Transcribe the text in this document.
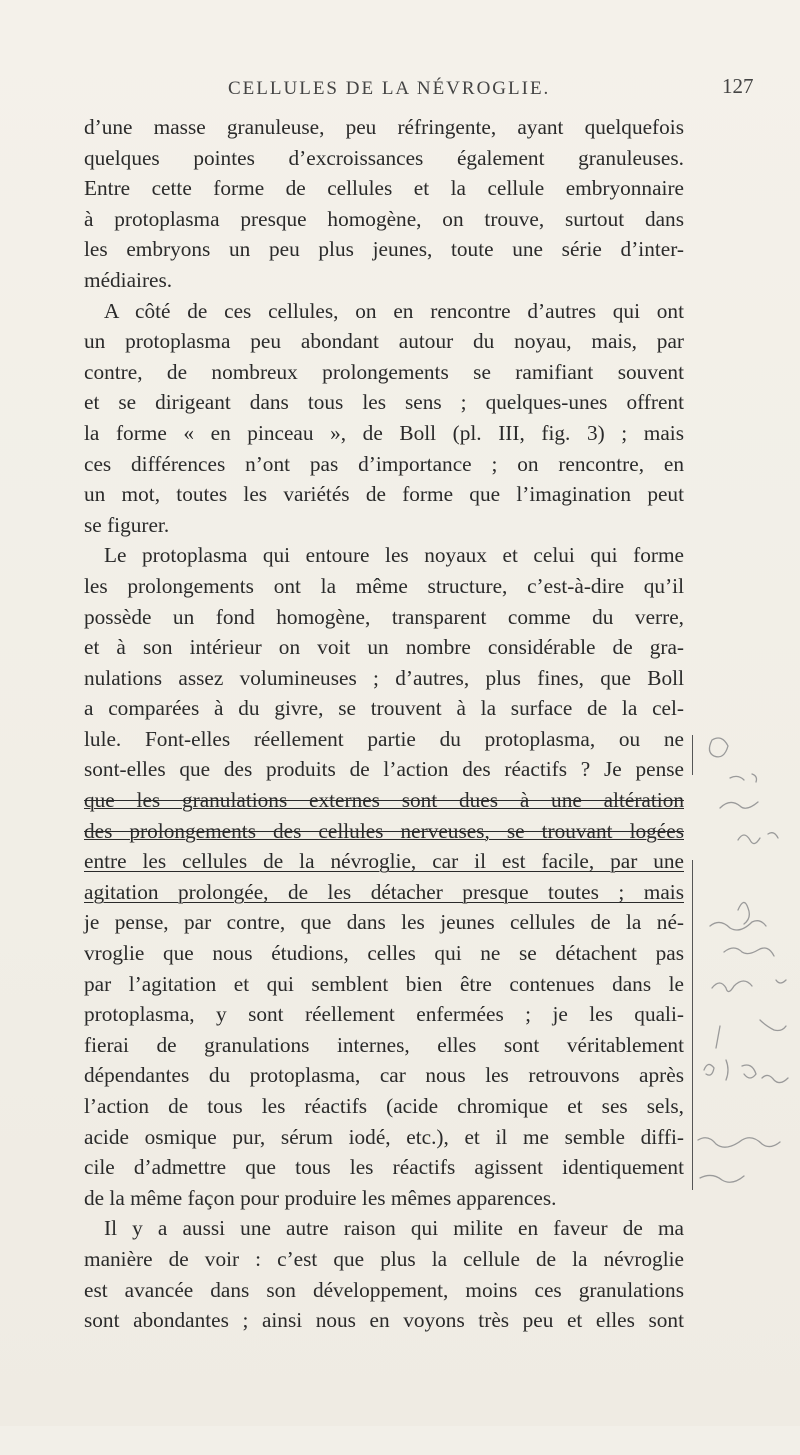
CELLULES DE LA NÉVROGLIE.	127
d’une masse granuleuse, peu réfringente, ayant quelquefois
quelques pointes d’excroissances également granuleuses.
Entre cette forme de cellules et la cellule embryonnaire
à protoplasma presque homogène, on trouve, surtout dans
les embryons un peu plus jeunes, toute une série d’inter-
médiaires.
A côté de ces cellules, on en rencontre d’autres qui ont
un protoplasma peu abondant autour du noyau, mais, par
contre, de nombreux prolongements se ramifiant souvent
et se dirigeant dans tous les sens ; quelques-unes offrent
la forme « en pinceau », de Boll (pl. III, fig. 3) ; mais
ces différences n’ont pas d’importance ; on rencontre, en
un mot, toutes les variétés de forme que l’imagination peut
se figurer.
Le protoplasma qui entoure les noyaux et celui qui forme
les prolongements ont la même structure, c’est-à-dire qu’il
possède un fond homogène, transparent comme du verre,
et à son intérieur on voit un nombre considérable de gra-
nulations assez volumineuses ; d’autres, plus fines, que Boll
a comparées à du givre, se trouvent à la surface de la cel-
lule. Font-elles réellement partie du protoplasma, ou ne
sont-elles que des produits de l’action des réactifs ? Je pense
que les granulations externes sont dues à une altération
des prolongements des cellules nerveuses, se trouvant logées
entre les cellules de la névroglie, car il est facile, par une
agitation prolongée, de les détacher presque toutes ; mais
je pense, par contre, que dans les jeunes cellules de la né-
vroglie que nous étudions, celles qui ne se détachent pas
par l’agitation et qui semblent bien être contenues dans le
protoplasma, y sont réellement enfermées ; je les quali-
fierai de granulations internes, elles sont véritablement
dépendantes du protoplasma, car nous les retrouvons après
l’action de tous les réactifs (acide chromique et ses sels,
acide osmique pur, sérum iodé, etc.), et il me semble diffi-
cile d’admettre que tous les réactifs agissent identiquement
de la même façon pour produire les mêmes apparences.
Il y a aussi une autre raison qui milite en faveur de ma
manière de voir : c’est que plus la cellule de la névroglie
est avancée dans son développement, moins ces granulations
sont abondantes ; ainsi nous en voyons très peu et elles sont
